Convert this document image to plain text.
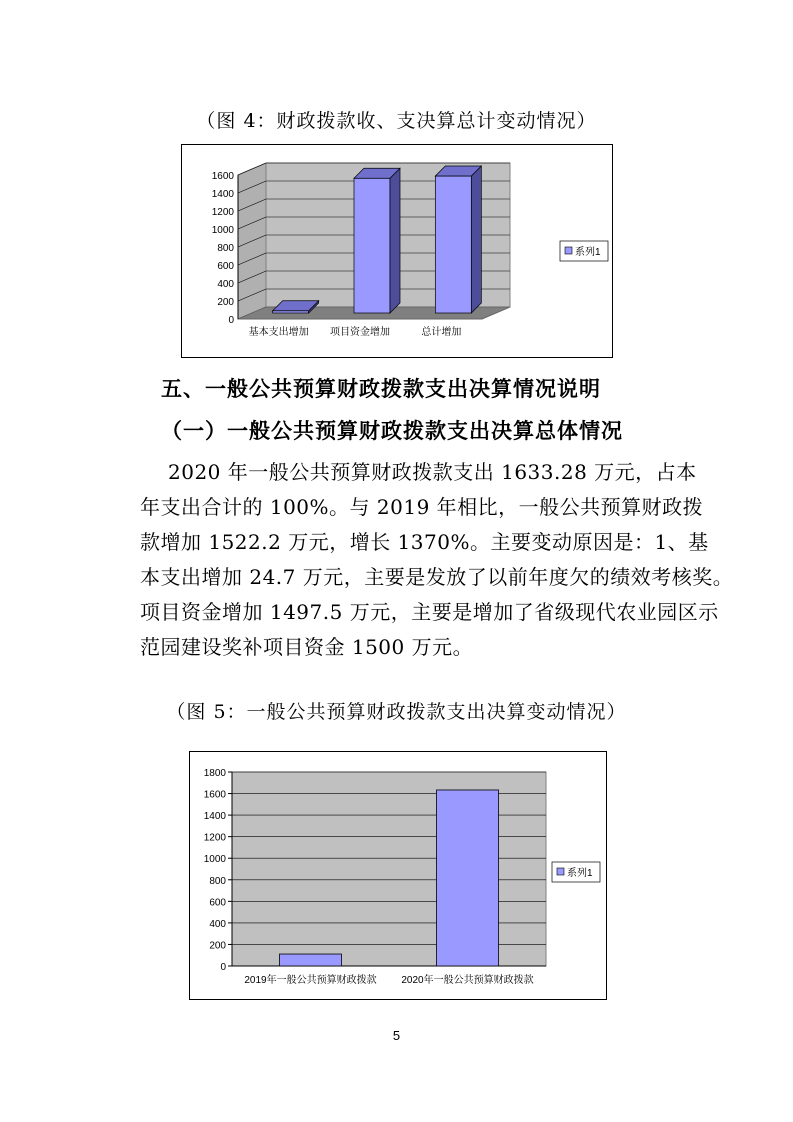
（图 4：财政拨款收、支决算总计变动情况）
0
200
400
600
800
1000
1200
1400
1600
基本支出增加 项目资金增加	总计增加
系列1
五、一般公共预算财政拨款支出决算情况说明
（一）一般公共预算财政拨款支出决算总体情况
2020 年一般公共预算财政拨款支出 1633.28 万元，占本
年支出合计的 100%。与 2019 年相比，一般公共预算财政拨
款增加 1522.2 万元，增长 1370%。主要变动原因是：1、基
本支出增加 24.7 万元，主要是发放了以前年度欠的绩效考核奖。
项目资金增加 1497.5 万元，主要是增加了省级现代农业园区示
范园建设奖补项目资金 1500 万元。
（图 5：一般公共预算财政拨款支出决算变动情况）
0
200
400
600
800
1000
1200
1400
1600
1800
2019年一般公共预算财政拨款 2020年一般公共预算财政拨款
系列1
5
